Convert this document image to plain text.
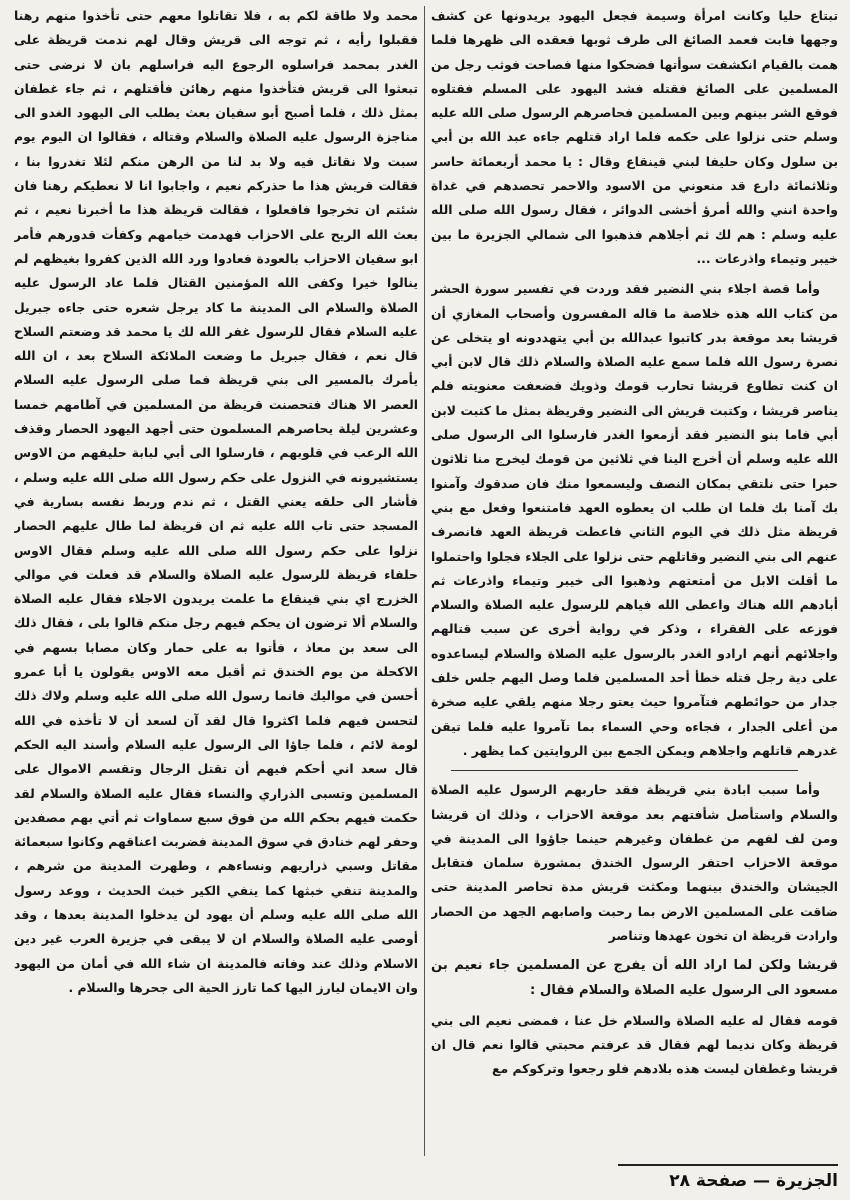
تبتاع حليا وكانت امرأة وسيمة فجعل اليهود يريدونها عن كشف وجهها فابت فعمد الصائغ الى طرف ثوبها فعقده الى ظهرها فلما همت بالقيام انكشفت سوأتها فضحكوا منها فصاحت فوثب رجل من المسلمين على الصائغ فقتله فشد اليهود على المسلم فقتلوه فوقع الشر بينهم وبين المسلمين فحاصرهم الرسول صلى الله عليه وسلم حتى نزلوا على حكمه فلما اراد قتلهم جاءه عبد الله بن أبي بن سلول وكان حليفا لبني قينقاع وقال : يا محمد أربعمائة حاسر وثلاثمائة دارع قد منعوني من الاسود والاحمر تحصدهم في غداة واحدة انني والله أمرؤ أخشى الدوائر ، فقال رسول الله صلى الله عليه وسلم : هم لك ثم أجلاهم فذهبوا الى شمالي الجزيرة ما بين خيبر وتيماء واذرعات ...

وأما قصة اجلاء بني النضير فقد وردت في تفسير سورة الحشر من كتاب الله هذه خلاصة ما قاله المفسرون وأصحاب المغازي أن قريشا بعد موقعة بدر كاتبوا عبدالله بن أبي يتهددونه او يتخلى عن نصرة رسول الله فلما سمع عليه الصلاة والسلام ذلك قال لابن أبي ان كنت تطاوع قريشا تحارب قومك وذويك فضعفت معنويته فلم يناصر قريشا ، وكتبت قريش الى النضير وقريظة بمثل ما كتبت لابن أبي فاما بنو النضير فقد أزمعوا الغدر فارسلوا الى الرسول صلى الله عليه وسلم أن أخرج الينا في ثلاثين من قومك ليخرج منا ثلاثون حبرا حتى نلتقي بمكان النصف وليسمعوا منك فان صدقوك وآمنوا بك آمنا بك فلما ان طلب ان يعطوه العهد فامتنعوا وفعل مع بني قريظة مثل ذلك في اليوم الثاني فاعطت قريظة العهد فانصرف عنهم الى بني النضير وقاتلهم حتى نزلوا على الجلاء فجلوا واحتملوا ما أقلت الابل من أمتعتهم وذهبوا الى خيبر وتيماء واذرعات ثم أبادهم الله هناك واعطى الله فياهم للرسول عليه الصلاة والسلام فوزعه على الفقراء ، وذكر في رواية أخرى عن سبب قتالهم واجلائهم أنهم ارادو الغدر بالرسول عليه الصلاة والسلام ليساعدوه على دية رجل قتله خطأ أحد المسلمين فلما وصل اليهم جلس خلف جدار من حوائطهم فتآمروا حيث يعتو رجلا منهم يلقي عليه صخرة من أعلى الجدار ، فجاءه وحي السماء بما تآمروا عليه فلما تيقن غدرهم قاتلهم واجلاهم ويمكن الجمع بين الروايتين كما يظهر .

وأما سبب ابادة بني قريظة فقد حاربهم الرسول عليه الصلاة والسلام واستأصل شأفتهم بعد موقعة الاحزاب ، وذلك ان قريشا ومن لف لفهم من غطفان وغيرهم حينما جاؤوا الى المدينة في موقعة الاحزاب احتفر الرسول الخندق بمشورة سلمان فتقابل الجيشان والخندق بينهما ومكثت قريش مدة تحاصر المدينة حتى ضاقت على المسلمين الارض بما رحبت واصابهم الجهد من الحصار وارادت قريظة ان تخون عهدها وتناصر

قريشا ولكن لما اراد الله أن يفرج عن المسلمين جاء نعيم بن مسعود الى الرسول عليه الصلاة والسلام فقال :

قومه فقال له عليه الصلاة والسلام خل عنا ، فمضى نعيم الى بني قريظة وكان نديما لهم فقال قد عرفتم محبتي قالوا نعم قال ان قريشا وغطفان ليست هذه بلادهم فلو رجعوا وتركوكم مع

محمد ولا طاقة لكم به ، فلا تقاتلوا معهم حتى تأخذوا منهم رهنا فقبلوا رأيه ، ثم توجه الى قريش وقال لهم ندمت قريظة على الغدر بمحمد فراسلوه الرجوع اليه فراسلهم بان لا نرضى حتى تبعثوا الى قريش فتأخذوا منهم رهائن فأقتلهم ، ثم جاء غطفان بمثل ذلك ، فلما أصبح أبو سفيان بعث يطلب الى اليهود الغدو الى مناجزة الرسول عليه الصلاة والسلام وقتاله ، فقالوا ان اليوم يوم سبت ولا نقاتل فيه ولا بد لنا من الرهن منكم لئلا تغدروا بنا ، فقالت قريش هذا ما حذركم نعيم ، واجابوا انا لا نعطيكم رهنا فان شئتم ان تخرجوا فافعلوا ، فقالت قريظة هذا ما أخبرنا نعيم ، ثم بعث الله الريح على الاحزاب فهدمت خيامهم وكفأت قدورهم فأمر ابو سفيان الاحزاب بالعودة فعادوا ورد الله الذين كفروا بغيظهم لم ينالوا خيرا وكفى الله المؤمنين القتال فلما عاد الرسول عليه الصلاة والسلام الى المدينة ما كاد يرجل شعره حتى جاءه جبريل عليه السلام فقال للرسول غفر الله لك يا محمد قد وضعتم السلاح قال نعم ، فقال جبريل ما وضعت الملائكة السلاح بعد ، ان الله يأمرك بالمسير الى بني قريظة فما صلى الرسول عليه السلام العصر الا هناك فتحصنت قريظة من المسلمين في آطامهم خمسا وعشرين ليلة يحاصرهم المسلمون حتى أجهد اليهود الحصار وقذف الله الرعب في قلوبهم ، فارسلوا الى أبي لبابة حليفهم من الاوس يستشيرونه في النزول على حكم رسول الله صلى الله عليه وسلم ، فأشار الى حلقه يعني القتل ، ثم ندم وربط نفسه بسارية في المسجد حتى تاب الله عليه ثم ان قريظة لما طال عليهم الحصار نزلوا على حكم رسول الله صلى الله عليه وسلم فقال الاوس حلفاء قريظة للرسول عليه الصلاة والسلام قد فعلت في موالي الخزرج اي بني قينقاع ما علمت يريدون الاجلاء فقال عليه الصلاة والسلام ألا ترضون ان يحكم فيهم رجل منكم قالوا بلى ، فقال ذلك الى سعد بن معاذ ، فأتوا به على حمار وكان مصابا بسهم في الاكحلة من يوم الخندق ثم أقبل معه الاوس يقولون يا أبا عمرو أحسن في مواليك فانما رسول الله صلى الله عليه وسلم ولاك ذلك لتحسن فيهم فلما اكثروا قال لقد آن لسعد أن لا تأخذه في الله لومة لائم ، فلما جاؤا الى الرسول عليه السلام وأسند اليه الحكم قال سعد اني أحكم فيهم أن تقتل الرجال وتقسم الاموال على المسلمين وتسبى الذراري والنساء فقال عليه الصلاة والسلام لقد حكمت فيهم بحكم الله من فوق سبع سماوات ثم أتي بهم مصفدين وحفر لهم خنادق في سوق المدينة فضربت اعناقهم وكانوا سبعمائة مقاتل وسبي ذراريهم ونساءهم ، وطهرت المدينة من شرهم ، والمدينة تنفي خبثها كما ينفي الكير خبث الحديث ، ووعد رسول الله صلى الله عليه وسلم أن يهود لن يدخلوا المدينة بعدها ، وقد أوصى عليه الصلاة والسلام ان لا يبقى في جزيرة العرب غير دين الاسلام وذلك عند وفاته فالمدينة ان شاء الله في أمان من اليهود وان الايمان ليارز اليها كما تارز الحية الى جحرها والسلام .

الجزيرة — صفحة ٢٨
